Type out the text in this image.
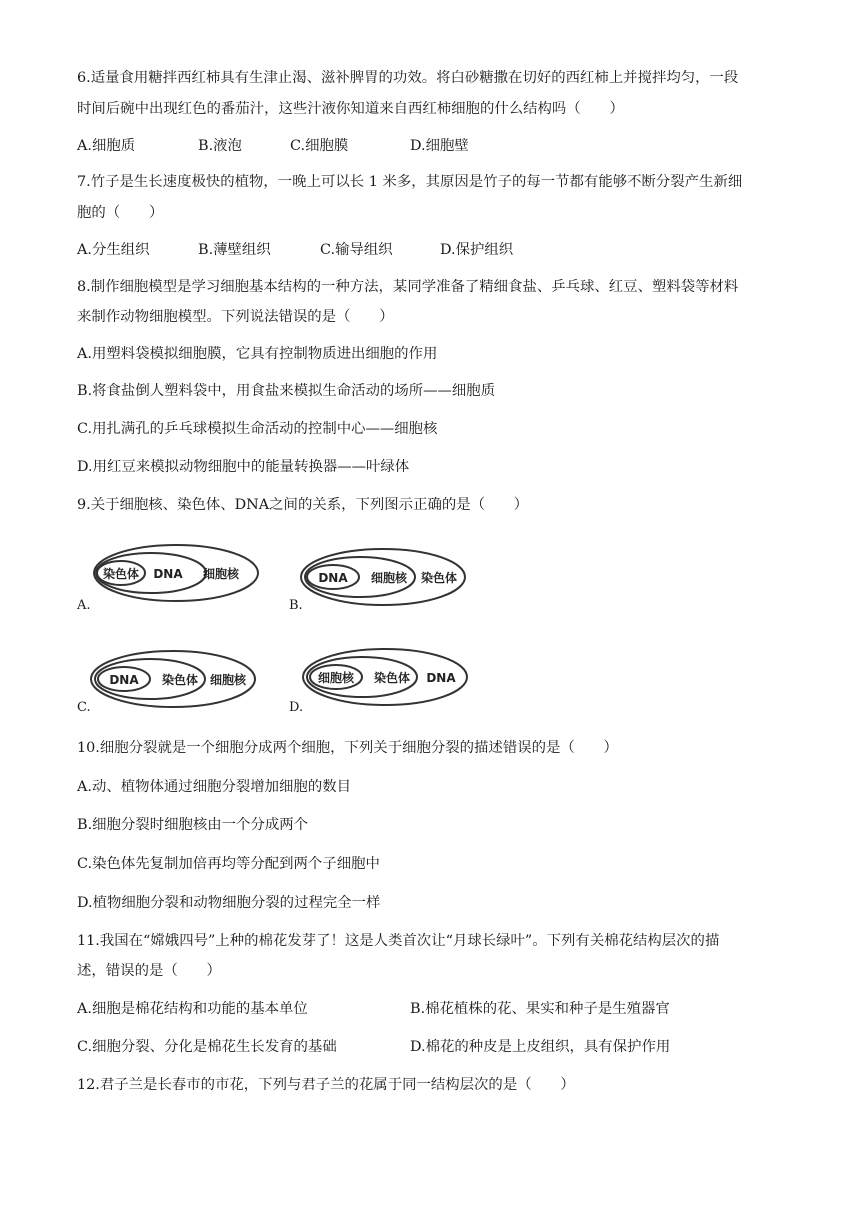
6.适量食用糖拌西红柿具有生津止渴、滋补脾胃的功效。将白砂糖撒在切好的西红柿上并搅拌均匀，一段
时间后碗中出现红色的番茄汁，这些汁液你知道来自西红柿细胞的什么结构吗（　　）
A.细胞质	B.液泡	C.细胞膜	D.细胞壁
7.竹子是生长速度极快的植物，一晚上可以长 1 米多，其原因是竹子的每一节都有能够不断分裂产生新细
胞的（　　）
A.分生组织	B.薄壁组织	C.输导组织	D.保护组织
8.制作细胞模型是学习细胞基本结构的一种方法，某同学准备了精细食盐、乒乓球、红豆、塑料袋等材料
来制作动物细胞模型。下列说法错误的是（　　）
A.用塑料袋模拟细胞膜，它具有控制物质进出细胞的作用
B.将食盐倒人塑料袋中，用食盐来模拟生命活动的场所——细胞质
C.用扎满孔的乒乓球模拟生命活动的控制中心——细胞核
D.用红豆来模拟动物细胞中的能量转换器——叶绿体
9.关于细胞核、染色体、DNA之间的关系，下列图示正确的是（　　）
染色体 DNA 细胞核
A.
DNA 细胞核 染色体
B.
DNA 染色体 细胞核
C.
细胞核 染色体 DNA
D.
10.细胞分裂就是一个细胞分成两个细胞，下列关于细胞分裂的描述错误的是（　　）
A.动、植物体通过细胞分裂增加细胞的数目
B.细胞分裂时细胞核由一个分成两个
C.染色体先复制加倍再均等分配到两个子细胞中
D.植物细胞分裂和动物细胞分裂的过程完全一样
11.我国在“嫦娥四号”上种的棉花发芽了！这是人类首次让“月球长绿叶”。下列有关棉花结构层次的描
述，错误的是（　　）
A.细胞是棉花结构和功能的基本单位	B.棉花植株的花、果实和种子是生殖器官
C.细胞分裂、分化是棉花生长发育的基础	D.棉花的种皮是上皮组织，具有保护作用
12.君子兰是长春市的市花，下列与君子兰的花属于同一结构层次的是（　　）
